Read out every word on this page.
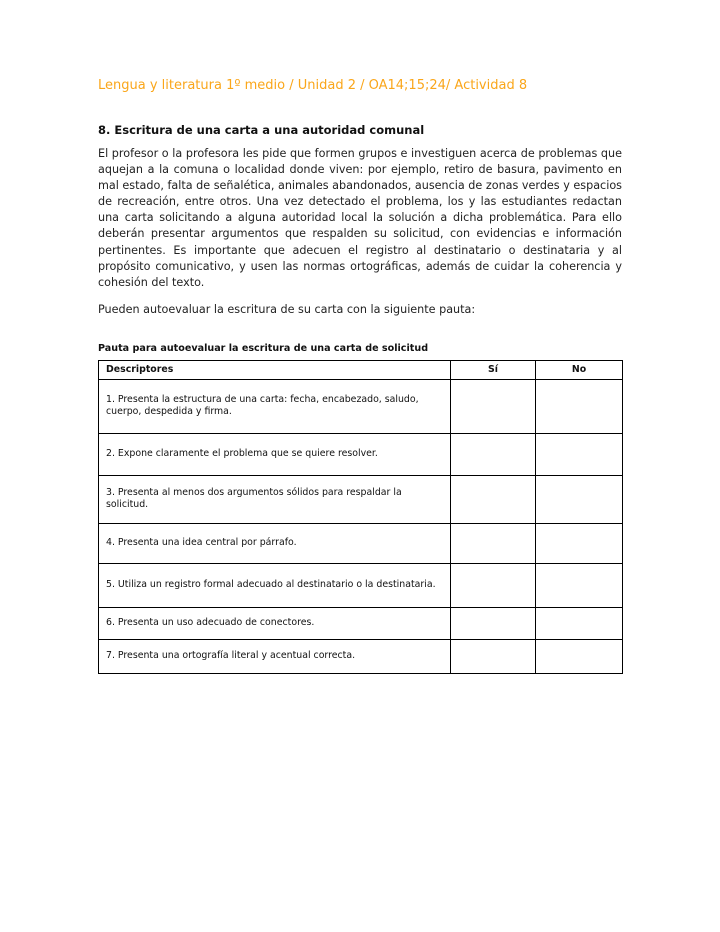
Lengua y literatura 1º medio / Unidad 2 / OA14;15;24/ Actividad 8
8. Escritura de una carta a una autoridad comunal
El profesor o la profesora les pide que formen grupos e investiguen acerca de problemas que aquejan a la comuna o localidad donde viven: por ejemplo, retiro de basura, pavimento en mal estado, falta de señalética, animales abandonados, ausencia de zonas verdes y espacios de recreación, entre otros. Una vez detectado el problema, los y las estudiantes redactan una carta solicitando a alguna autoridad local la solución a dicha problemática. Para ello deberán presentar argumentos que respalden su solicitud, con evidencias e información pertinentes. Es importante que adecuen el registro al destinatario o destinataria y al propósito comunicativo, y usen las normas ortográficas, además de cuidar la coherencia y cohesión del texto.
Pueden autoevaluar la escritura de su carta con la siguiente pauta:
Pauta para autoevaluar la escritura de una carta de solicitud
Descriptores	Sí	No
1. Presenta la estructura de una carta: fecha, encabezado, saludo, cuerpo, despedida y firma.		
2. Expone claramente el problema que se quiere resolver.		
3. Presenta al menos dos argumentos sólidos para respaldar la solicitud.		
4. Presenta una idea central por párrafo.		
5. Utiliza un registro formal adecuado al destinatario o la destinataria.		
6. Presenta un uso adecuado de conectores.		
7. Presenta una ortografía literal y acentual correcta.		
